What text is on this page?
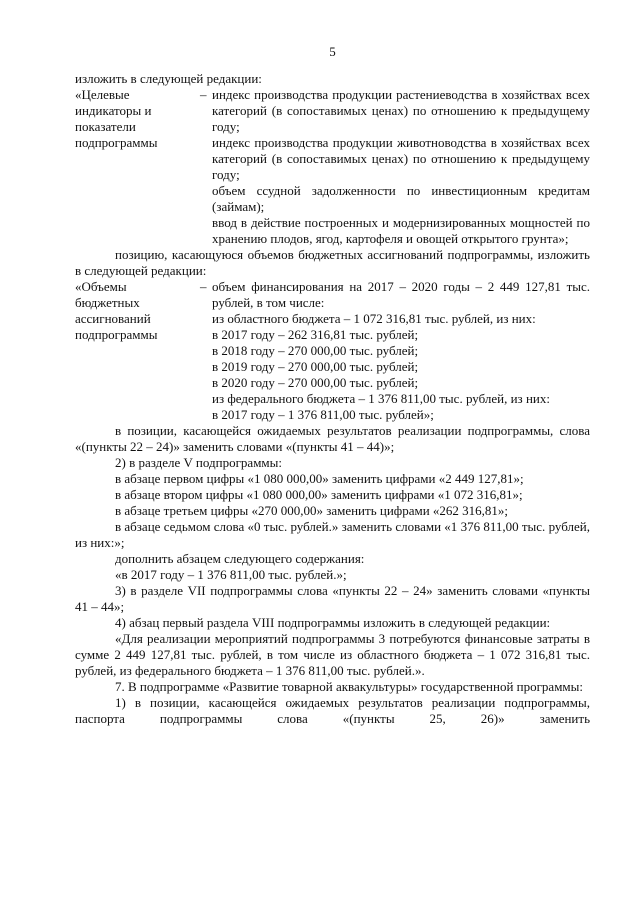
5

изложить в следующей редакции:

«Целевые
индикаторы и
показатели
подпрограммы
– индекс производства продукции растениеводства в хозяйствах всех категорий (в сопоставимых ценах) по отношению к предыдущему году;

индекс производства продукции животноводства в хозяйствах всех категорий (в сопоставимых ценах) по отношению к предыдущему году;

объем ссудной задолженности по инвестиционным кредитам (займам);

ввод в действие построенных и модернизированных мощностей по хранению плодов, ягод, картофеля и овощей открытого грунта»;

позицию, касающуюся объемов бюджетных ассигнований подпрограммы, изложить в следующей редакции:

«Объемы
бюджетных
ассигнований
подпрограммы
– объем финансирования на 2017 – 2020 годы – 2 449 127,81 тыс. рублей, в том числе:

из областного бюджета – 1 072 316,81 тыс. рублей, из них:

в 2017 году – 262 316,81 тыс. рублей;

в 2018 году – 270 000,00 тыс. рублей;

в 2019 году – 270 000,00 тыс. рублей;

в 2020 году – 270 000,00 тыс. рублей;

из федерального бюджета – 1 376 811,00 тыс. рублей, из них:

в 2017 году – 1 376 811,00 тыс. рублей»;

в позиции, касающейся ожидаемых результатов реализации подпрограммы, слова «(пункты 22 – 24)» заменить словами «(пункты 41 – 44)»;

2) в разделе V подпрограммы:

в абзаце первом цифры «1 080 000,00» заменить цифрами «2 449 127,81»;

в абзаце втором цифры «1 080 000,00» заменить цифрами «1 072 316,81»;

в абзаце третьем цифры «270 000,00» заменить цифрами «262 316,81»;

в абзаце седьмом слова «0 тыс. рублей.» заменить словами «1 376 811,00 тыс. рублей, из них:»;

дополнить абзацем следующего содержания:

«в 2017 году – 1 376 811,00 тыс. рублей.»;

3) в разделе VII подпрограммы слова «пункты 22 – 24» заменить словами «пункты 41 – 44»;

4) абзац первый раздела VIII подпрограммы изложить в следующей редакции:

«Для реализации мероприятий подпрограммы 3 потребуются финансовые затраты в сумме 2 449 127,81 тыс. рублей, в том числе из областного бюджета – 1 072 316,81 тыс. рублей, из федерального бюджета – 1 376 811,00 тыс. рублей.».

7. В подпрограмме «Развитие товарной аквакультуры» государственной программы:

1) в позиции, касающейся ожидаемых результатов реализации подпрограммы, паспорта подпрограммы слова «(пункты 25, 26)» заменить
